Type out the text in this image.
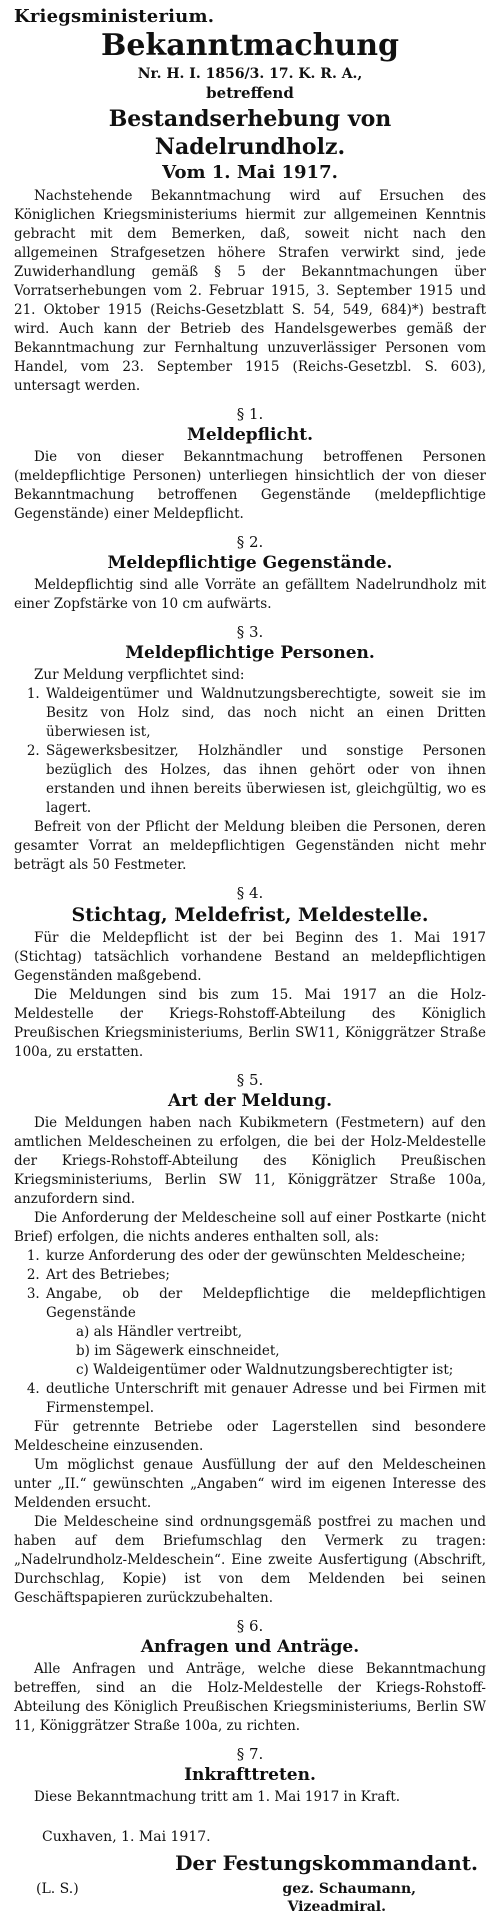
Kriegsministerium.
Bekanntmachung
Nr. H. I. 1856/3. 17. K. R. A.,
betreffend
Bestandserhebung von Nadelrundholz.
Vom 1. Mai 1917.

Nachstehende Bekanntmachung wird auf Ersuchen des Königlichen Kriegsministeriums hiermit zur allgemeinen Kenntnis gebracht mit dem Bemerken, daß, soweit nicht nach den allgemeinen Strafgesetzen höhere Strafen verwirkt sind, jede Zuwiderhandlung gemäß § 5 der Bekanntmachungen über Vorratserhebungen vom 2. Februar 1915, 3. September 1915 und 21. Oktober 1915 (Reichs-Gesetzblatt S. 54, 549, 684)*) bestraft wird. Auch kann der Betrieb des Handelsgewerbes gemäß der Bekanntmachung zur Fernhaltung unzuverlässiger Personen vom Handel, vom 23. September 1915 (Reichs-Gesetzbl. S. 603), untersagt werden.

§ 1.
Meldepflicht.

Die von dieser Bekanntmachung betroffenen Personen (meldepflichtige Personen) unterliegen hinsichtlich der von dieser Bekanntmachung betroffenen Gegenstände (meldepflichtige Gegenstände) einer Meldepflicht.

§ 2.
Meldepflichtige Gegenstände.

Meldepflichtig sind alle Vorräte an gefälltem Nadelrundholz mit einer Zopfstärke von 10 cm aufwärts.

§ 3.
Meldepflichtige Personen.

Zur Meldung verpflichtet sind:

1. Waldeigentümer und Waldnutzungsberechtigte, soweit sie im Besitz von Holz sind, das noch nicht an einen Dritten überwiesen ist,
2. Sägewerksbesitzer, Holzhändler und sonstige Personen bezüglich des Holzes, das ihnen gehört oder von ihnen erstanden und ihnen bereits überwiesen ist, gleichgültig, wo es lagert.

Befreit von der Pflicht der Meldung bleiben die Personen, deren gesamter Vorrat an meldepflichtigen Gegenständen nicht mehr beträgt als 50 Festmeter.

§ 4.
Stichtag, Meldefrist, Meldestelle.

Für die Meldepflicht ist der bei Beginn des 1. Mai 1917 (Stichtag) tatsächlich vorhandene Bestand an meldepflichtigen Gegenständen maßgebend.

Die Meldungen sind bis zum 15. Mai 1917 an die Holz-Meldestelle der Kriegs-Rohstoff-Abteilung des Königlich Preußischen Kriegsministeriums, Berlin SW11, Königgrätzer Straße 100a, zu erstatten.

§ 5.
Art der Meldung.

Die Meldungen haben nach Kubikmetern (Festmetern) auf den amtlichen Meldescheinen zu erfolgen, die bei der Holz-Meldestelle der Kriegs-Rohstoff-Abteilung des Königlich Preußischen Kriegsministeriums, Berlin SW 11, Königgrätzer Straße 100a, anzufordern sind.

Die Anforderung der Meldescheine soll auf einer Postkarte (nicht Brief) erfolgen, die nichts anderes enthalten soll, als:

1. kurze Anforderung des oder der gewünschten Meldescheine;
2. Art des Betriebes;
3. Angabe, ob der Meldepflichtige die meldepflichtigen Gegenstände
a) als Händler vertreibt,
b) im Sägewerk einschneidet,
c) Waldeigentümer oder Waldnutzungsberechtigter ist;
4. deutliche Unterschrift mit genauer Adresse und bei Firmen mit Firmenstempel.

Für getrennte Betriebe oder Lagerstellen sind besondere Meldescheine einzusenden.

Um möglichst genaue Ausfüllung der auf den Meldescheinen unter „II.“ gewünschten „Angaben“ wird im eigenen Interesse des Meldenden ersucht.

Die Meldescheine sind ordnungsgemäß postfrei zu machen und haben auf dem Briefumschlag den Vermerk zu tragen: „Nadelrundholz-Meldeschein“. Eine zweite Ausfertigung (Abschrift, Durchschlag, Kopie) ist von dem Meldenden bei seinen Geschäftspapieren zurückzubehalten.

§ 6.
Anfragen und Anträge.

Alle Anfragen und Anträge, welche diese Bekanntmachung betreffen, sind an die Holz-Meldestelle der Kriegs-Rohstoff-Abteilung des Königlich Preußischen Kriegsministeriums, Berlin SW 11, Königgrätzer Straße 100a, zu richten.

§ 7.
Inkrafttreten.

Diese Bekanntmachung tritt am 1. Mai 1917 in Kraft.

Cuxhaven, 1. Mai 1917.
Der Festungskommandant.
(L. S.)	gez. Schaumann,
Vizeadmiral.
